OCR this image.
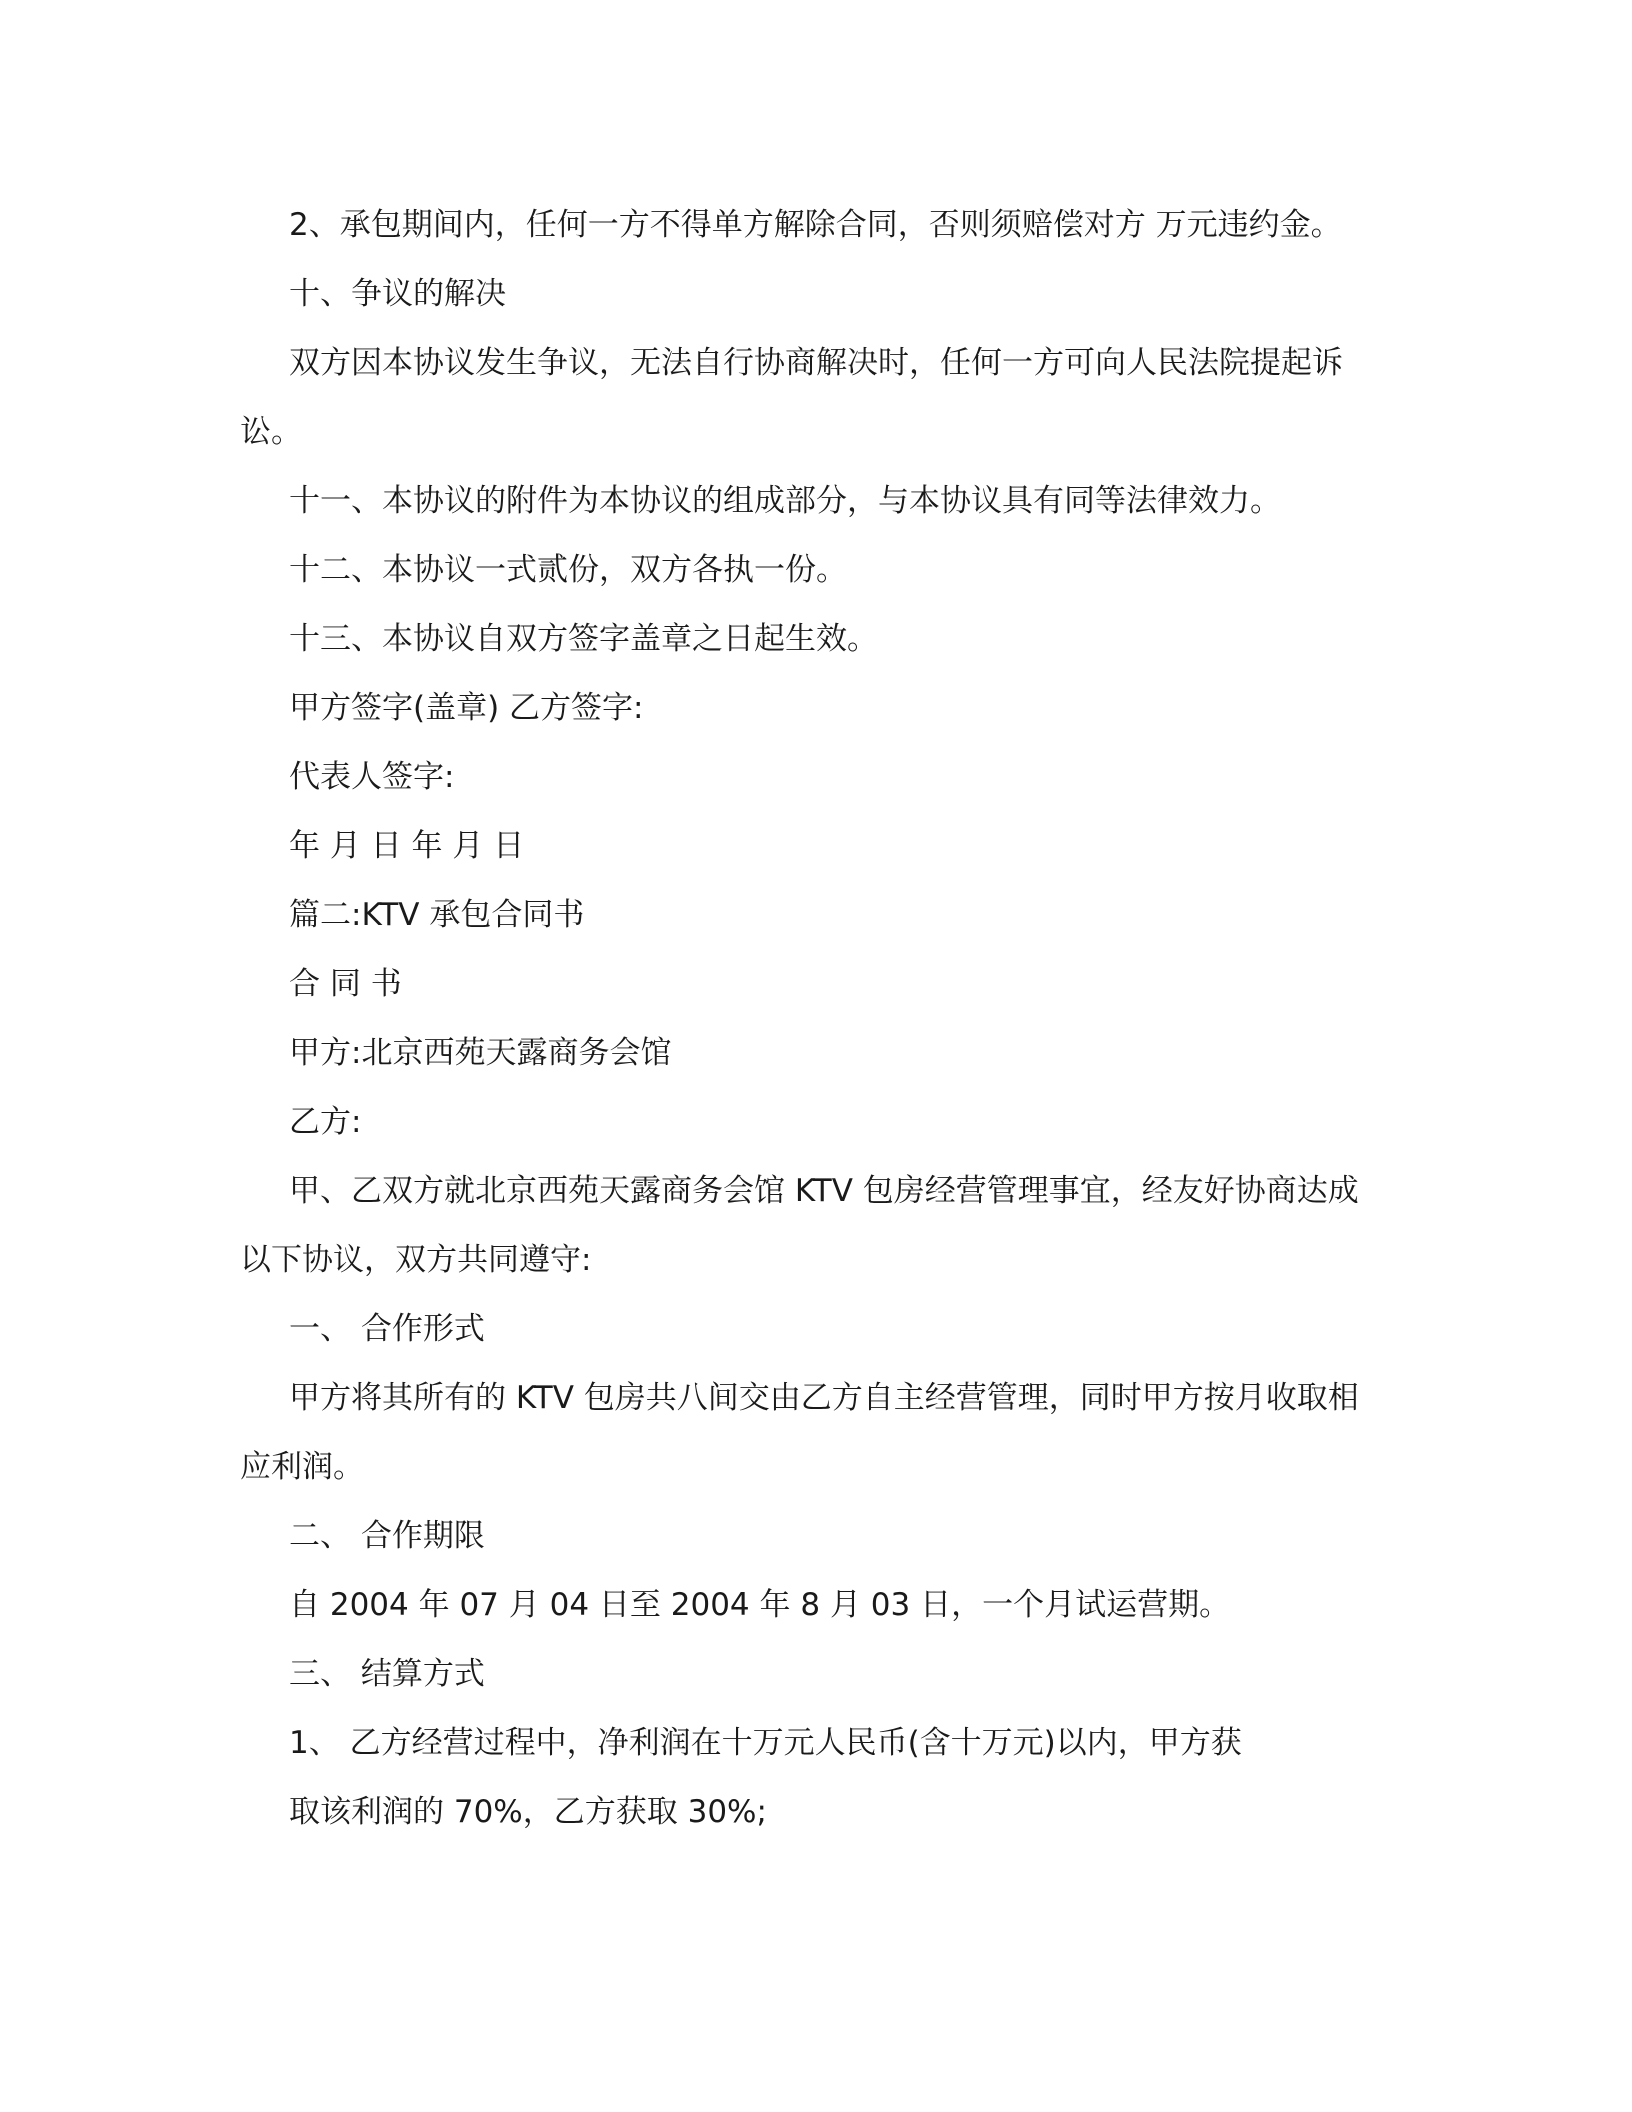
2、承包期间内，任何一方不得单方解除合同，否则须赔偿对方 万元违约金。

十、争议的解决

双方因本协议发生争议，无法自行协商解决时，任何一方可向人民法院提起诉

讼。

十一、本协议的附件为本协议的组成部分，与本协议具有同等法律效力。

十二、本协议一式贰份，双方各执一份。

十三、本协议自双方签字盖章之日起生效。

甲方签字(盖章) 乙方签字:

代表人签字:

年 月 日 年 月 日

篇二:KTV 承包合同书

合 同 书

甲方:北京西苑天露商务会馆

乙方:

甲、乙双方就北京西苑天露商务会馆 KTV 包房经营管理事宜，经友好协商达成

以下协议，双方共同遵守:

一、 合作形式

甲方将其所有的 KTV 包房共八间交由乙方自主经营管理，同时甲方按月收取相

应利润。

二、 合作期限

自 2004 年 07 月 04 日至 2004 年 8 月 03 日，一个月试运营期。

三、 结算方式

1、 乙方经营过程中，净利润在十万元人民币(含十万元)以内，甲方获

取该利润的 70%，乙方获取 30%;
